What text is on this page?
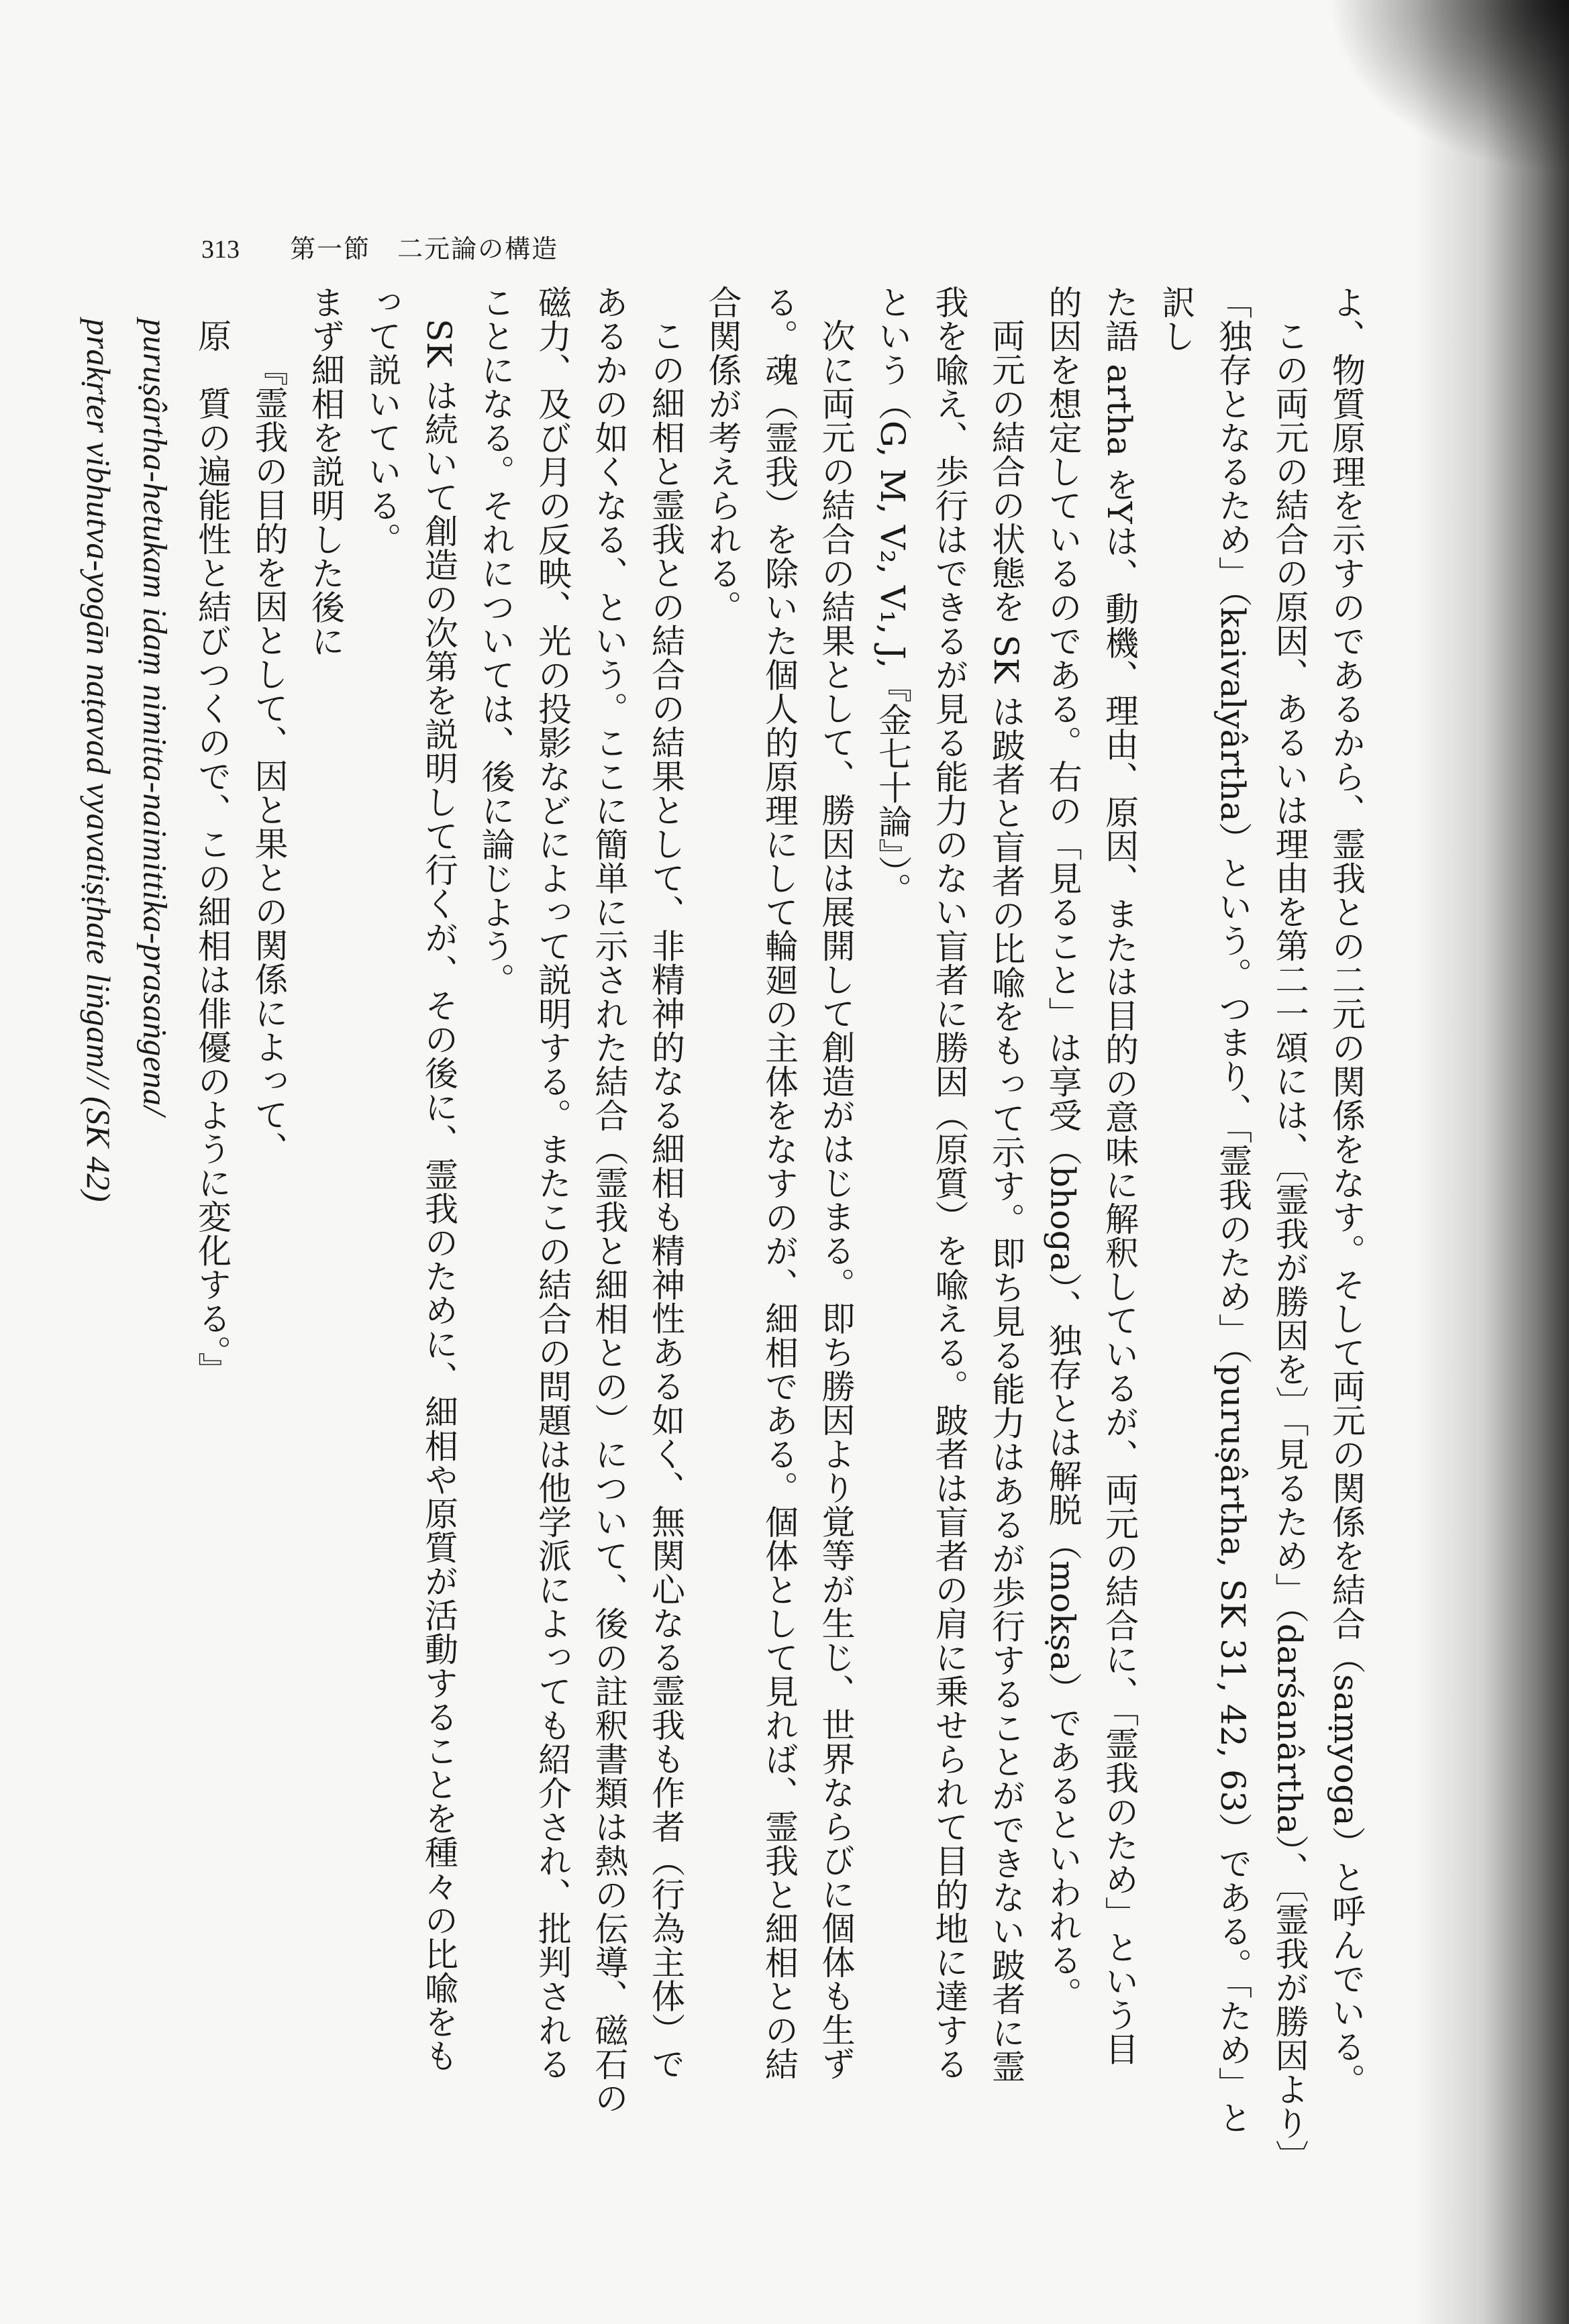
313 第一節　二元論の構造

よ、物質原理を示すのであるから、霊我との二元の関係をなす。そして両元の関係を結合（saṃyoga）と呼んでいる。

この両元の結合の原因、あるいは理由を第二一頌には、〔霊我が勝因を〕「見るため」（darśanârtha）、〔霊我が勝因より〕

「独存となるため」（kaivalyârtha）という。つまり、「霊我のため」（puruṣârtha, SK 31, 42, 63）である。「ため」と訳し

た語 artha をYは、動機、理由、原因、または目的の意味に解釈しているが、両元の結合に、「霊我のため」という目

的因を想定しているのである。右の「見ること」は享受（bhoga）、独存とは解脱（mokṣa）であるといわれる。

両元の結合の状態を SK は跛者と盲者の比喩をもって示す。即ち見る能力はあるが歩行することができない跛者に霊

我を喩え、歩行はできるが見る能力のない盲者に勝因（原質）を喩える。跛者は盲者の肩に乗せられて目的地に達する

という（G, M, V₂, V₁, J,『金七十論』）。

次に両元の結合の結果として、勝因は展開して創造がはじまる。即ち勝因より覚等が生じ、世界ならびに個体も生ず

る。魂（霊我）を除いた個人的原理にして輪廻の主体をなすのが、細相である。個体として見れば、霊我と細相との結

合関係が考えられる。

この細相と霊我との結合の結果として、非精神的なる細相も精神性ある如く、無関心なる霊我も作者（行為主体）で

あるかの如くなる、という。ここに簡単に示された結合（霊我と細相との）について、後の註釈書類は熱の伝導、磁石の

磁力、及び月の反映、光の投影などによって説明する。またこの結合の問題は他学派によっても紹介され、批判される

ことになる。それについては、後に論じよう。

SK は続いて創造の次第を説明して行くが、その後に、霊我のために、細相や原質が活動することを種々の比喩をも

って説いている。

まず細相を説明した後に

『霊我の目的を因として、因と果との関係によって、

原　質の遍能性と結びつくので、この細相は俳優のように変化する。』

puruṣârtha-hetukam idaṃ nimitta-naimittika-prasaṅgena/

prakṛter vibhutva-yogān naṭavad vyavatiṣṭhate liṅgam// (SK 42)
